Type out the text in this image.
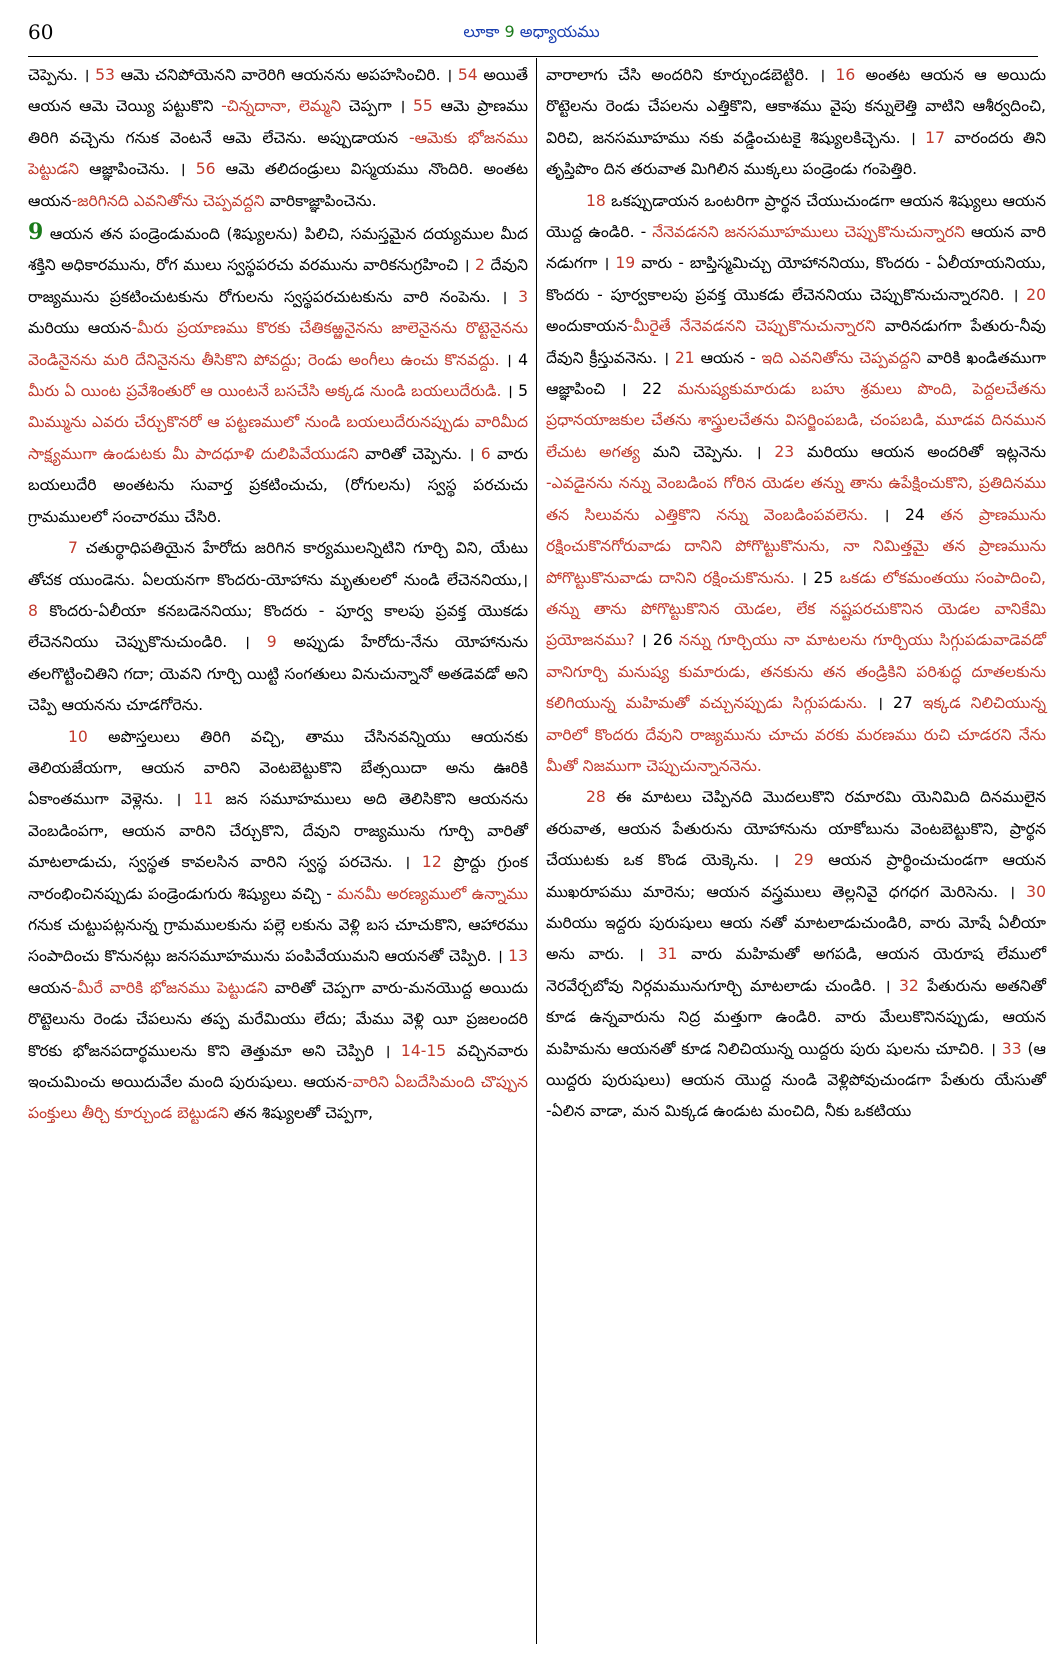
60	లూకా 9 అధ్యాయము

చెప్పెను. । 53 ఆమె చనిపోయెనని వారెరిగి ఆయనను అపహసించిరి. । 54 అయితే ఆయన ఆమె చెయ్యి పట్టుకొని -చిన్నదానా, లెమ్మని చెప్పగా । 55 ఆమె ప్రాణము తిరిగి వచ్చెను గనుక వెంటనే ఆమె లేచెను. అప్పుడాయన -ఆమెకు భోజనము పెట్టుడని ఆజ్ఞాపించెను. । 56 ఆమె తలిదండ్రులు విస్మయము నొందిరి. అంతట ఆయన-జరిగినది ఎవనితోను చెప్పవద్దని వారికాజ్ఞాపించెను.

9 ఆయన తన పండ్రెండుమంది (శిష్యులను) పిలిచి, సమస్తమైన దయ్యముల మీద శక్తిని అధికారమును, రోగ ములు స్వస్థపరచు వరమును వారికనుగ్రహించి । 2 దేవుని రాజ్యమును ప్రకటించుటకును రోగులను స్వస్థపరచుటకును వారి నంపెను. । 3 మరియు ఆయన-మీరు ప్రయాణము కొరకు చేతికఱ్ఱనైనను జాలెనైనను రొట్టెనైనను వెండినైనను మరి దేనినైనను తీసికొని పోవద్దు; రెండు అంగీలు ఉంచు కొనవద్దు. । 4 మీరు ఏ యింట ప్రవేశింతురో ఆ యింటనే బసచేసి అక్కడ నుండి బయలుదేరుడి. । 5 మిమ్మును ఎవరు చేర్చుకొనరో ఆ పట్టణములో నుండి బయలుదేరునప్పుడు వారిమీద సాక్ష్యముగా ఉండుటకు మీ పాదధూళి దులిపివేయుడని వారితో చెప్పెను. । 6 వారు బయలుదేరి అంతటను సువార్త ప్రకటించుచు, (రోగులను) స్వస్థ పరచుచు గ్రామములలో సంచారము చేసిరి.

7 చతుర్థాధిపతియైన హేరోదు జరిగిన కార్యములన్నిటిని గూర్చి విని, యేటు తోచక యుండెను. ఏలయనగా కొందరు-యోహాను మృతులలో నుండి లేచెననియు,। 8 కొందరు-ఏలీయా కనబడెననియు; కొందరు - పూర్వ కాలపు ప్రవక్త యొకడు లేచెననియు చెప్పుకొనుచుండిరి. । 9 అప్పుడు హేరోదు-నేను యోహానును తలగొట్టించితిని గదా; యెవని గూర్చి యిట్టి సంగతులు వినుచున్నానో అతడెవడో అని చెప్పి ఆయనను చూడగోరెను.

10 అపొస్తలులు తిరిగి వచ్చి, తాము చేసినవన్నియు ఆయనకు తెలియజేయగా, ఆయన వారిని వెంటబెట్టుకొని బేత్సయిదా అను ఊరికి ఏకాంతముగా వెళ్లెను. । 11 జన సమూహములు అది తెలిసికొని ఆయనను వెంబడింపగా, ఆయన వారిని చేర్చుకొని, దేవుని రాజ్యమును గూర్చి వారితో మాటలాడుచు, స్వస్థత కావలసిన వారిని స్వస్థ పరచెను. । 12 ప్రొద్దు గ్రుంక నారంభించినప్పుడు పండ్రెండుగురు శిష్యులు వచ్చి - మనమీ అరణ్యములో ఉన్నాము గనుక చుట్టుపట్లనున్న గ్రామములకును పల్లె లకును వెళ్లి బస చూచుకొని, ఆహారము సంపాదించు కొనునట్లు జనసమూహమును పంపివేయుమని ఆయనతో చెప్పిరి. । 13 ఆయన-మీరే వారికి భోజనము పెట్టుడని వారితో చెప్పగా వారు-మనయొద్ద అయిదు రొట్టెలును రెండు చేపలును తప్ప మరేమియు లేదు; మేము వెళ్లి యీ ప్రజలందరి కొరకు భోజనపదార్థములను కొని తెత్తుమా అని చెప్పిరి । 14-15 వచ్చినవారు ఇంచుమించు అయిదువేల మంది పురుషులు. ఆయన-వారిని ఏబదేసిమంది చొప్పున పంక్తులు తీర్చి కూర్చుండ బెట్టుడని తన శిష్యులతో చెప్పగా,

వారాలాగు చేసి అందరిని కూర్చుండబెట్టిరి. । 16 అంతట ఆయన ఆ అయిదు రొట్టెలను రెండు చేపలను ఎత్తికొని, ఆకాశము వైపు కన్నులెత్తి వాటిని ఆశీర్వదించి, విరిచి, జనసమూహము నకు వడ్డించుటకై శిష్యులకిచ్చెను. । 17 వారందరు తిని తృప్తిపొం దిన తరువాత మిగిలిన ముక్కలు పండ్రెండు గంపెత్తిరి.

18 ఒకప్పుడాయన ఒంటరిగా ప్రార్థన చేయుచుండగా ఆయన శిష్యులు ఆయన యొద్ద ఉండిరి. - నేనెవడనని జనసమూహములు చెప్పుకొనుచున్నారని ఆయన వారి నడుగగా । 19 వారు - బాప్తిస్మమిచ్చు యోహాననియు, కొందరు - ఏలీయాయనియు, కొందరు - పూర్వకాలపు ప్రవక్త యొకడు లేచెననియు చెప్పుకొనుచున్నారనిరి. । 20 అందుకాయన-మీరైతే నేనెవడనని చెప్పుకొనుచున్నారని వారినడుగగా పేతురు-నీవు దేవుని క్రీస్తువనెను. । 21 ఆయన - ఇది ఎవనితోను చెప్పవద్దని వారికి ఖండితముగా ఆజ్ఞాపించి । 22 మనుష్యకుమారుడు బహు శ్రమలు పొంది, పెద్దలచేతను ప్రధానయాజకుల చేతను శాస్త్రులచేతను విసర్జింపబడి, చంపబడి, మూడవ దినమున లేచుట అగత్య మని చెప్పెను. । 23 మరియు ఆయన అందరితో ఇట్లనెను -ఎవడైనను నన్ను వెంబడింప గోరిన యెడల తన్ను తాను ఉపేక్షించుకొని, ప్రతిదినము తన సిలువను ఎత్తికొని నన్ను వెంబడింపవలెను. । 24 తన ప్రాణమును రక్షించుకొనగోరువాడు దానిని పోగొట్టుకొనును, నా నిమిత్తమై తన ప్రాణమును పోగొట్టుకొనువాడు దానిని రక్షించుకొనును. । 25 ఒకడు లోకమంతయు సంపాదించి, తన్ను తాను పోగొట్టుకొనిన యెడల, లేక నష్టపరచుకొనిన యెడల వానికేమి ప్రయోజనము? । 26 నన్ను గూర్చియు నా మాటలను గూర్చియు సిగ్గుపడువాడెవడో వానిగూర్చి మనుష్య కుమారుడు, తనకును తన తండ్రికిని పరిశుద్ధ దూతలకును కలిగియున్న మహిమతో వచ్చునప్పుడు సిగ్గుపడును. । 27 ఇక్కడ నిలిచియున్న వారిలో కొందరు దేవుని రాజ్యమును చూచు వరకు మరణము రుచి చూడరని నేను మీతో నిజముగా చెప్పుచున్నాననెను.

28 ఈ మాటలు చెప్పినది మొదలుకొని రమారమి యెనిమిది దినములైన తరువాత, ఆయన పేతురును యోహానును యాకోబును వెంటబెట్టుకొని, ప్రార్థన చేయుటకు ఒక కొండ యెక్కెను. । 29 ఆయన ప్రార్థించుచుండగా ఆయన ముఖరూపము మారెను; ఆయన వస్త్రములు తెల్లనివై ధగధగ మెరిసెను. । 30 మరియు ఇద్దరు పురుషులు ఆయ నతో మాటలాడుచుండిరి, వారు మోషే ఏలీయా అను వారు. । 31 వారు మహిమతో అగపడి, ఆయన యెరూష లేములో నెరవేర్చబోవు నిర్గమమునుగూర్చి మాటలాడు చుండిరి. । 32 పేతురును అతనితో కూడ ఉన్నవారును నిద్ర మత్తుగా ఉండిరి. వారు మేలుకొనినప్పుడు, ఆయన మహిమను ఆయనతో కూడ నిలిచియున్న యిద్దరు పురు షులను చూచిరి. । 33 (ఆ యిద్దరు పురుషులు) ఆయన యొద్ద నుండి వెళ్లిపోవుచుండగా పేతురు యేసుతో -ఏలిన వాడా, మన మిక్కడ ఉండుట మంచిది, నీకు ఒకటియు
